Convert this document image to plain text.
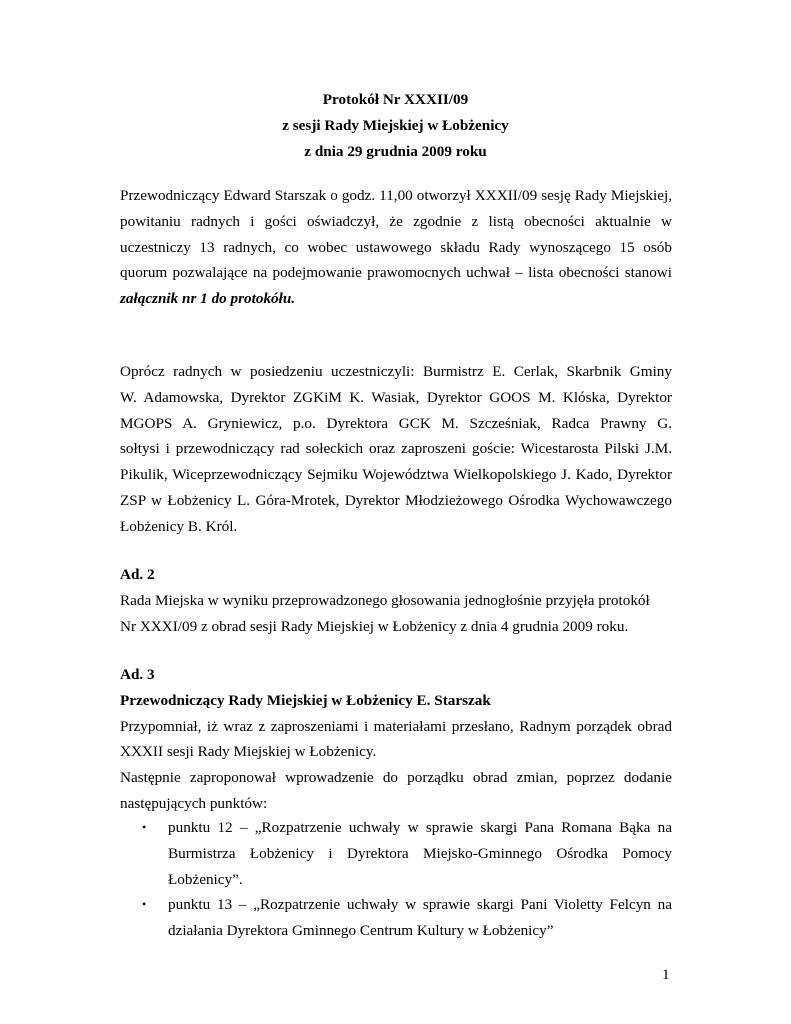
Protokół Nr XXXII/09
z sesji Rady Miejskiej w Łobżenicy
z dnia 29 grudnia 2009 roku
Przewodniczący Edward Starszak o godz. 11,00 otworzył XXXII/09 sesję Rady Miejskiej,
powitaniu radnych i gości oświadczył, że zgodnie z listą obecności aktualnie w
uczestniczy 13 radnych, co wobec ustawowego składu Rady wynoszącego 15 osób
quorum pozwalające na podejmowanie prawomocnych uchwał – lista obecności stanowi
załącznik nr 1 do protokółu.
Oprócz radnych w posiedzeniu uczestniczyli: Burmistrz E. Cerlak, Skarbnik Gminy
W. Adamowska, Dyrektor ZGKiM K. Wasiak, Dyrektor GOOS M. Klóska, Dyrektor
MGOPS A. Gryniewicz, p.o. Dyrektora GCK M. Szcześniak, Radca Prawny G.
sołtysi i przewodniczący rad sołeckich oraz zaproszeni goście: Wicestarosta Pilski J.M.
Pikulik, Wiceprzewodniczący Sejmiku Województwa Wielkopolskiego J. Kado, Dyrektor
ZSP w Łobżenicy L. Góra-Mrotek, Dyrektor Młodzieżowego Ośrodka Wychowawczego
Łobżenicy B. Król.
Ad. 2
Rada Miejska w wyniku przeprowadzonego głosowania jednogłośnie przyjęła protokół
Nr XXXI/09 z obrad sesji Rady Miejskiej w Łobżenicy z dnia 4 grudnia 2009 roku.
Ad. 3
Przewodniczący Rady Miejskiej w Łobżenicy E. Starszak
Przypomniał, iż wraz z zaproszeniami i materiałami przesłano, Radnym porządek obrad
XXXII sesji Rady Miejskiej w Łobżenicy.
Następnie zaproponował wprowadzenie do porządku obrad zmian, poprzez dodanie
następujących punktów:
• punktu 12 – „Rozpatrzenie uchwały w sprawie skargi Pana Romana Bąka na
Burmistrza Łobżenicy i Dyrektora Miejsko-Gminnego Ośrodka Pomocy
Łobżenicy”.
• punktu 13 – „Rozpatrzenie uchwały w sprawie skargi Pani Violetty Felcyn na
działania Dyrektora Gminnego Centrum Kultury w Łobżenicy”
1
